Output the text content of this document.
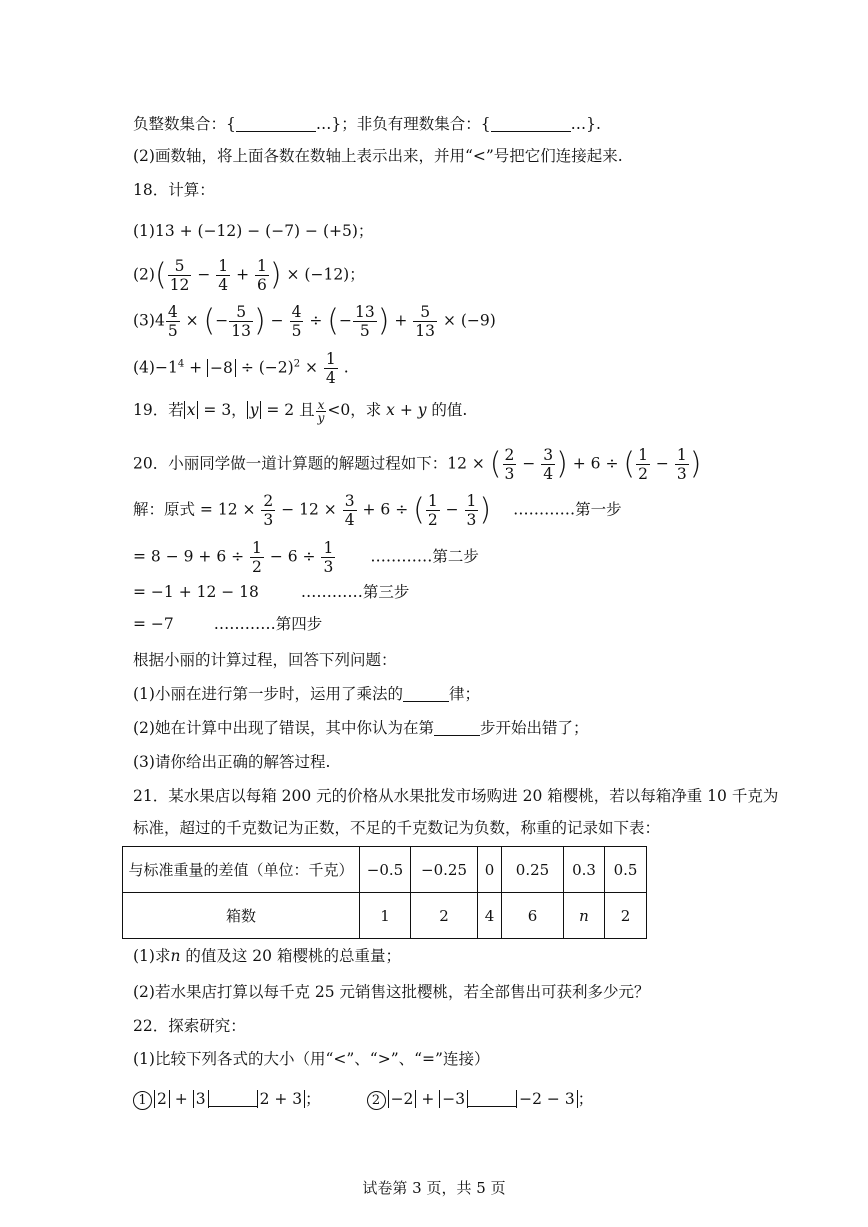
负整数集合：{	…}；非负有理数集合：{	…}.
(2)画数轴，将上面各数在数轴上表示出来，并用“<”号把它们连接起来.
18．计算：
(1)13 + (−12) − (−7) − (+5)；
$(2)( \frac{5}{12} - \frac{1}{4} + \frac{1}{6}$ ) × (−12)；
$(3)4 \frac{4}{5}$ × (− $\frac{5}{13}$ ) − $\frac{4}{5}$ ÷ (− $\frac{13}{5}$ ) + $\frac{5}{13} \times (-9)$
$(4)-1^4 + -8 \div (-2)^2 \times \frac{1}{4}$ .
19．若 x = 3， y = 2 且 $\frac{x}{y} <0$，求 x + y 的值.
20．小丽同学做一道计算题的解题过程如下：12 × ( $\frac{2}{3} - \frac{3}{4}$ ) + 6 ÷ ( $\frac{1}{2} - \frac{1}{3}$ )
解：原式 = $12 \times \frac{2}{3} - 12 \times \frac{3}{4} + 6$ ÷ ( $\frac{1}{2} - \frac{1}{3}$ ) …………第一步
= $8 - 9 + 6 \div \frac{1}{2} - 6 \div \frac{1}{3}$ …………第二步
= −1 + 12 − 18	…………第三步
= −7	…………第四步
根据小丽的计算过程，回答下列问题：
(1)小丽在进行第一步时，运用了乘法的	律；
(2)她在计算中出现了错误，其中你认为在第	步开始出错了；
(3)请你给出正确的解答过程.
21．某水果店以每箱 200 元的价格从水果批发市场购进 20 箱樱桃，若以每箱净重 10 千克为
标准，超过的千克数记为正数，不足的千克数记为负数，称重的记录如下表：
与标准重量的差值（单位：千克）	−0.5	−0.25	0	0.25	0.3	0.5
箱数	1	2	4	6	n	2
(1)求n 的值及这 20 箱樱桃的总重量；
(2)若水果店打算以每千克 25 元销售这批樱桃，若全部售出可获利多少元？
22．探索研究：
(1)比较下列各式的大小（用“<”、“>”、“=”连接）
1 2 + 3	2 + 3 ；	2 −2 + −3	−2 − 3 ；
试卷第 3 页，共 5 页
